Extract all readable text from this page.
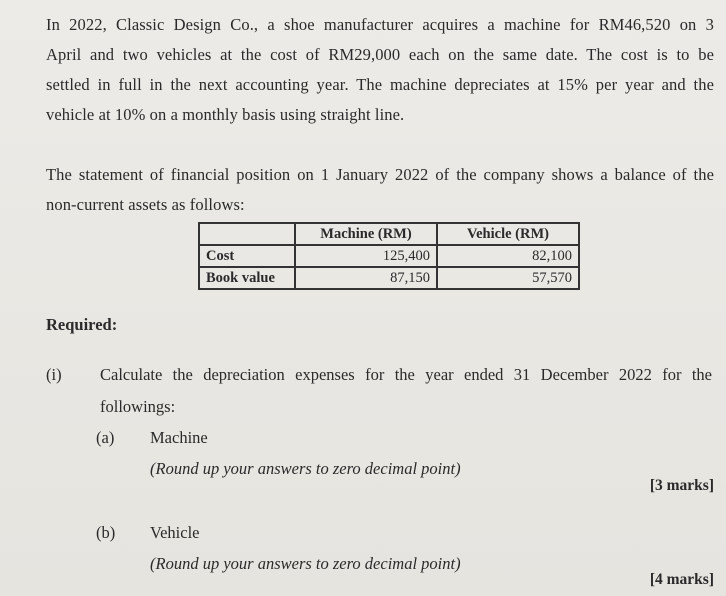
In 2022, Classic Design Co., a shoe manufacturer acquires a machine for RM46,520 on 3
April and two vehicles at the cost of RM29,000 each on the same date. The cost is to be
settled in full in the next accounting year. The machine depreciates at 15% per year and the
vehicle at 10% on a monthly basis using straight line.
The statement of financial position on 1 January 2022 of the company shows a balance of the
non-current assets as follows:
	Machine (RM)	Vehicle (RM)
Cost	125,400	82,100
Book value	87,150	57,570
Required:
(i) Calculate the depreciation expenses for the year ended 31 December 2022 for the
followings:
(a) Machine
(Round up your answers to zero decimal point)
[3 marks]
(b) Vehicle
(Round up your answers to zero decimal point)
[4 marks]
